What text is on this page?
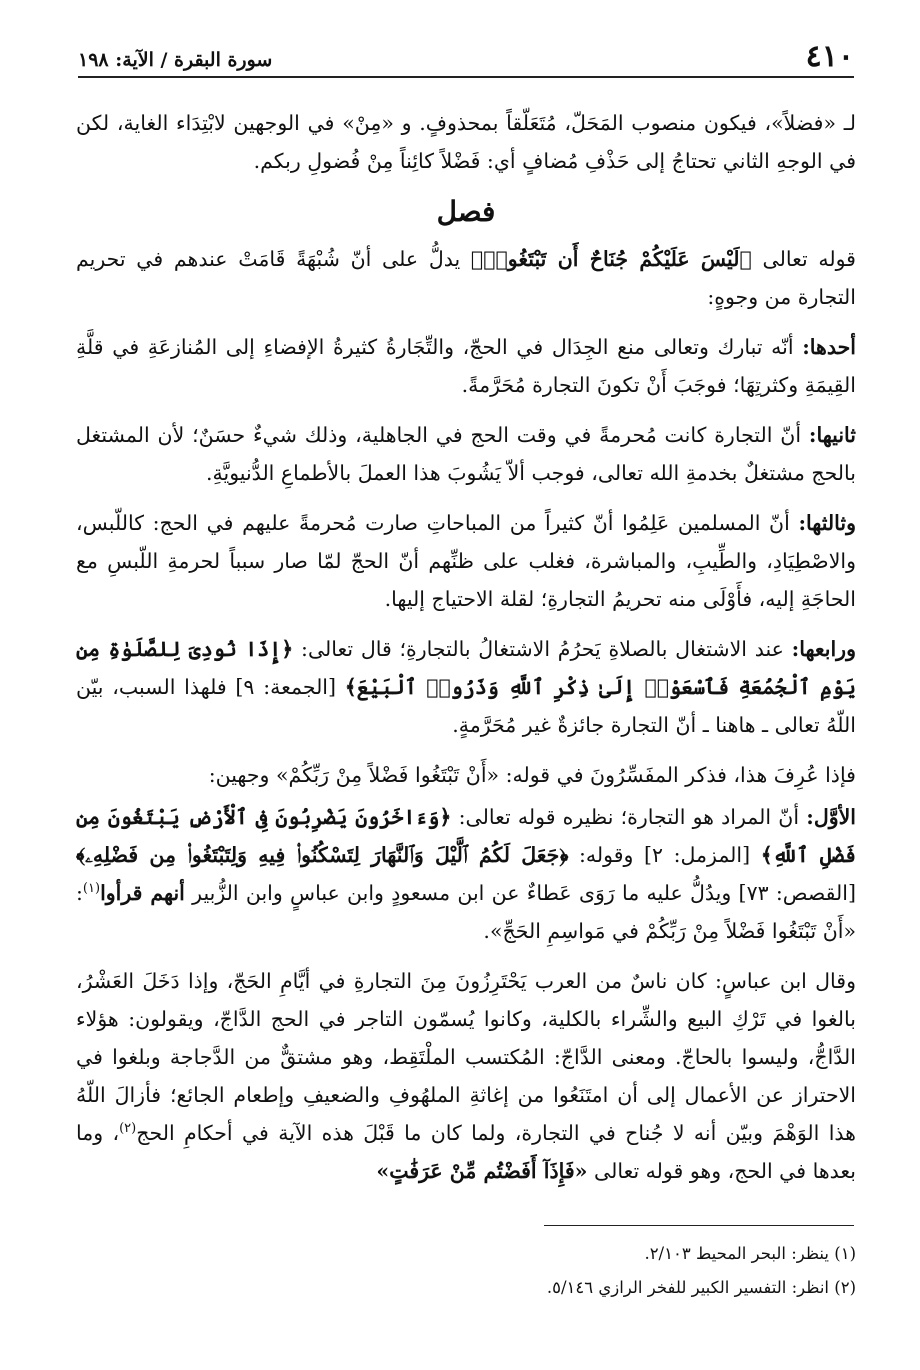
سورة البقرة / الآية: ١٩٨	٤١٠

لـ «فضلاً»، فيكون منصوب المَحَلّ، مُتَعَلّقاً بمحذوفٍ. و «مِنْ» في الوجهين لابْتِدَاء الغاية، لكن في الوجهِ الثاني تحتاجُ إلى حَذْفِ مُضافٍ أي: فَضْلاً كائِناً مِنْ فُضولِ ربكم.

فصل

قوله تعالى ﴿لَيْسَ عَلَيْكُمْ جُنَاحٌ أَن تَبْتَغُوا۟﴾ يدلُّ على أنّ شُبْهَةً قَامَتْ عندهم في تحريم التجارة من وجوهٍ:

أحدها: أنّه تبارك وتعالى منع الجِدَال في الحجّ، والتِّجَارةُ كثيرةُ الإفضاءِ إلى المُنازعَةِ في قلَّةِ القِيمَةِ وكثرتِهَا؛ فوجَبَ أَنْ تكونَ التجارة مُحَرَّمةً.

ثانيها: أنّ التجارة كانت مُحرمةً في وقت الحج في الجاهلية، وذلك شيءٌ حسَنٌ؛ لأن المشتغل بالحج مشتغلٌ بخدمةِ الله تعالى، فوجب ألاّ يَشُوبَ هذا العملَ بالأطماعِ الدُّنيويَّةِ.

وثالثها: أنّ المسلمين عَلِمُوا أنّ كثيراً من المباحاتِ صارت مُحرمةً عليهم في الحج: كاللّبس، والاصْطِيَادِ، والطِّيبِ، والمباشرة، فغلب على ظنِّهم أنّ الحجّ لمّا صار سبباً لحرمةِ اللّبسِ مع الحاجَةِ إليه، فأَوْلَى منه تحريمُ التجارةِ؛ لقلة الاحتياج إليها.

ورابعها: عند الاشتغال بالصلاةِ يَحرُمُ الاشتغالُ بالتجارةِ؛ قال تعالى: ﴿إِذَا نُودِىَ لِلصَّلَوٰةِ مِن يَوْمِ ٱلْجُمُعَةِ فَٱسْعَوْا۟ إِلَىٰ ذِكْرِ ٱللَّهِ وَذَرُوا۟ ٱلْبَيْعَ﴾ [الجمعة: ٩] فلهذا السبب، بيّن اللّهُ تعالى ـ هاهنا ـ أنّ التجارة جائزةٌ غير مُحَرَّمةٍ.

فإذا عُرِفَ هذا، فذكر المفَسِّرُونَ في قوله: «أَنْ تَبْتَغُوا فَضْلاً مِنْ رَبِّكُمْ» وجهين:

الأوَّل: أنّ المراد هو التجارة؛ نظيره قوله تعالى: ﴿وَءَاخَرُونَ يَضْرِبُونَ فِى ٱلْأَرْضِ يَبْتَغُونَ مِن فَضْلِ ٱللَّهِ﴾ [المزمل: ٢] وقوله: ﴿جَعَلَ لَكُمُ ٱلَّيْلَ وَٱلنَّهَارَ لِتَسْكُنُوا۟ فِيهِ وَلِتَبْتَغُوا۟ مِن فَضْلِهِۦ﴾ [القصص: ٧٣] ويدُلُّ عليه ما رَوَى عَطاءٌ عن ابن مسعودٍ وابن عباسٍ وابن الزُّبير أنهم قرأوا$^{(١)}$: «أَنْ تَبْتَغُوا فَضْلاً مِنْ رَبِّكُمْ في مَواسِمِ الحَجِّ».

وقال ابن عباسٍ: كان ناسٌ من العرب يَحْتَرِزُونَ مِنَ التجارةِ في أيَّامِ الحَجّ، وإذا دَخَلَ العَشْرُ، بالغوا في تَرْكِ البيع والشِّراء بالكلية، وكانوا يُسمّون التاجر في الحج الدَّاجّ، ويقولون: هؤلاء الدَّاجُّ، وليسوا بالحاجّ. ومعنى الدَّاجّ: المُكتسب الملْتَقِط، وهو مشتقٌّ من الدَّجاجة وبلغوا في الاحتراز عن الأعمال إلى أن امتَنَعُوا من إغاثةِ الملهُوفِ والضعيفِ وإطعام الجائع؛ فأزالَ اللّهُ هذا الوَهْمَ وبيّن أنه لا جُناح في التجارة، ولما كان ما قَبْلَ هذه الآية في أحكامِ الحج$^{(٢)}$، وما بعدها في الحج، وهو قوله تعالى «فَإِذَآ أَفَضْتُم مِّنْ عَرَفَٰتٍ»

(١) ينظر: البحر المحيط ٢/١٠٣.
(٢) انظر: التفسير الكبير للفخر الرازي ٥/١٤٦.
